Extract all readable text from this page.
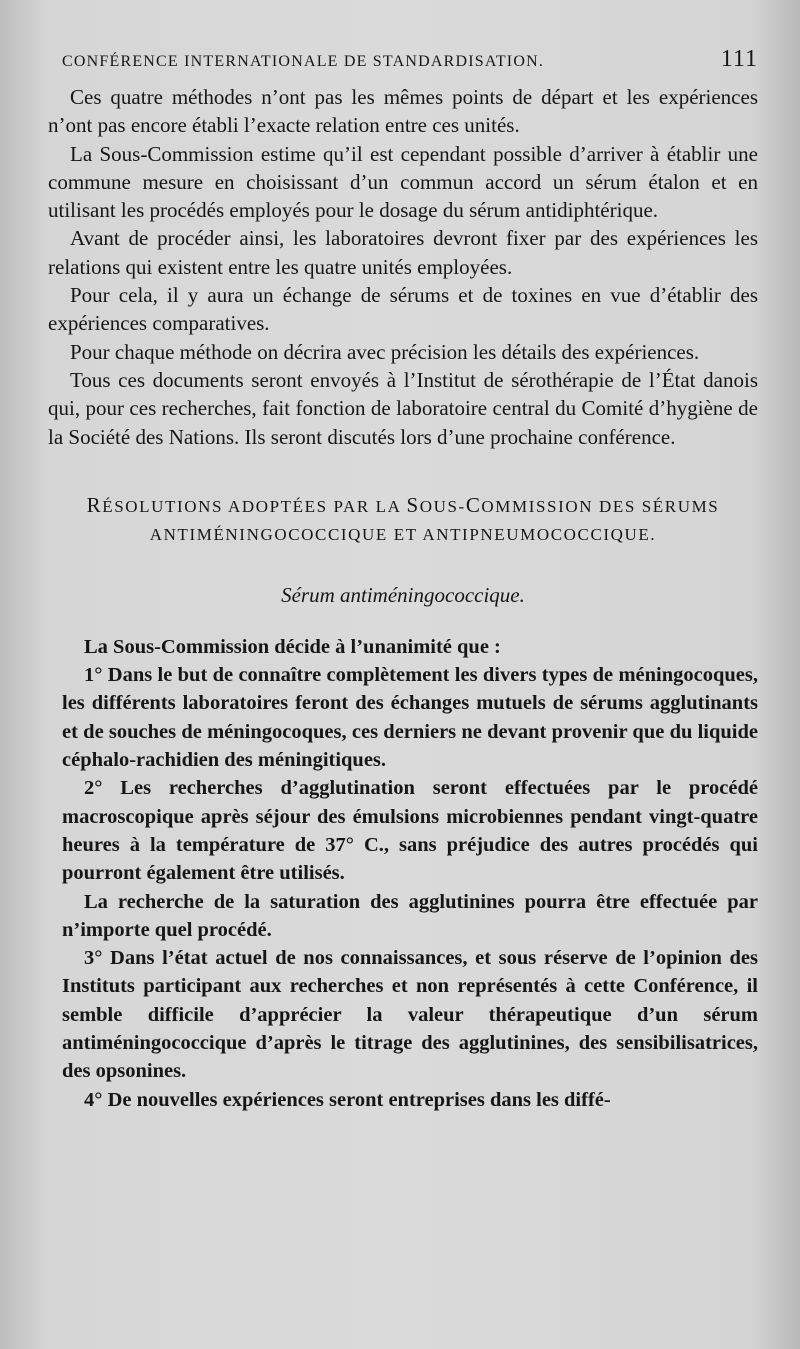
CONFÉRENCE INTERNATIONALE DE STANDARDISATION.	111

Ces quatre méthodes n’ont pas les mêmes points de départ et les expériences n’ont pas encore établi l’exacte relation entre ces unités.

La Sous-Commission estime qu’il est cependant possible d’arriver à établir une commune mesure en choisissant d’un commun accord un sérum étalon et en utilisant les procédés employés pour le dosage du sérum antidiphtérique.

Avant de procéder ainsi, les laboratoires devront fixer par des expériences les relations qui existent entre les quatre unités employées.

Pour cela, il y aura un échange de sérums et de toxines en vue d’établir des expériences comparatives.

Pour chaque méthode on décrira avec précision les détails des expériences.

Tous ces documents seront envoyés à l’Institut de sérothérapie de l’État danois qui, pour ces recherches, fait fonction de laboratoire central du Comité d’hygiène de la Société des Nations. Ils seront discutés lors d’une prochaine conférence.

RÉSOLUTIONS ADOPTÉES PAR LA SOUS-COMMISSION DES SÉRUMS
ANTIMÉNINGOCOCCIQUE ET ANTIPNEUMOCOCCIQUE.
Sérum antiméningococcique.

La Sous-Commission décide à l’unanimité que :

1° Dans le but de connaître complètement les divers types de méningocoques, les différents laboratoires feront des échanges mutuels de sérums agglutinants et de souches de méningocoques, ces derniers ne devant provenir que du liquide céphalo-rachidien des méningitiques.

2° Les recherches d’agglutination seront effectuées par le procédé macroscopique après séjour des émulsions microbiennes pendant vingt-quatre heures à la température de 37° C., sans préjudice des autres procédés qui pourront également être utilisés.

La recherche de la saturation des agglutinines pourra être effectuée par n’importe quel procédé.

3° Dans l’état actuel de nos connaissances, et sous réserve de l’opinion des Instituts participant aux recherches et non représentés à cette Conférence, il semble difficile d’apprécier la valeur thérapeutique d’un sérum antiméningococcique d’après le titrage des agglutinines, des sensibilisatrices, des opsonines.

4° De nouvelles expériences seront entreprises dans les diffé-
